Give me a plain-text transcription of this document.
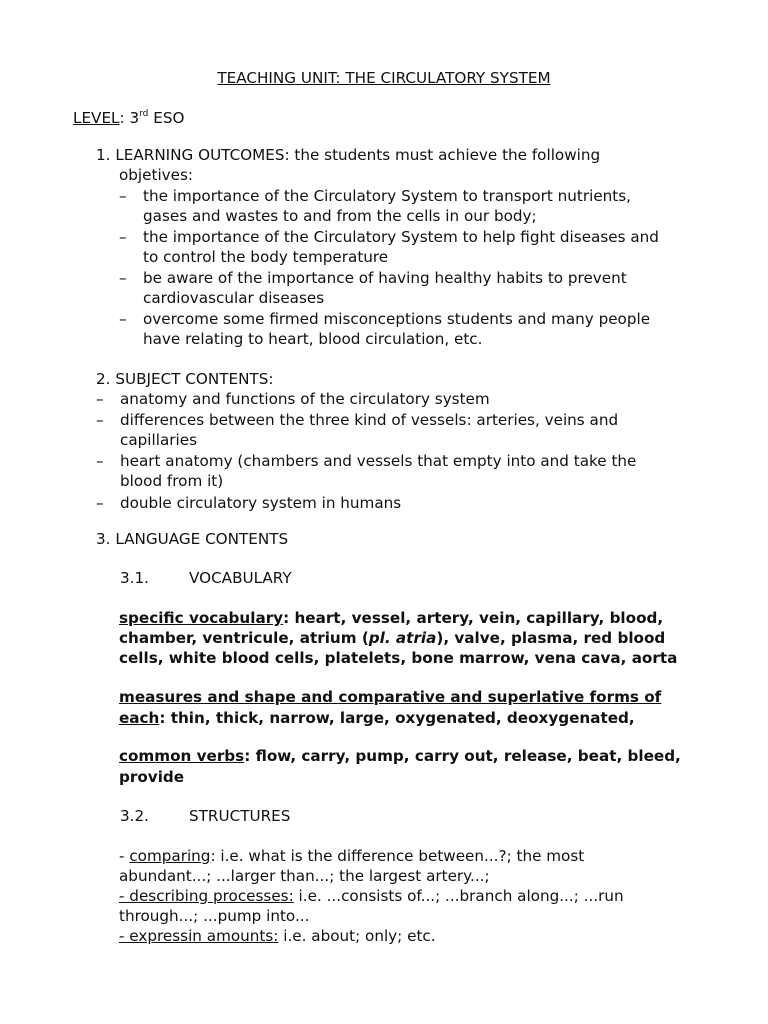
TEACHING UNIT: THE CIRCULATORY SYSTEM
LEVEL: 3rd ESO
1. LEARNING OUTCOMES: the students must achieve the following
objetives:
– the importance of the Circulatory System to transport nutrients,
gases and wastes to and from the cells in our body;
– the importance of the Circulatory System to help fight diseases and
to control the body temperature
– be aware of the importance of having healthy habits to prevent
cardiovascular diseases
– overcome some firmed misconceptions students and many people
have relating to heart, blood circulation, etc.
2. SUBJECT CONTENTS:
– anatomy and functions of the circulatory system
– differences between the three kind of vessels: arteries, veins and
capillaries
– heart anatomy (chambers and vessels that empty into and take the
blood from it)
– double circulatory system in humans
3. LANGUAGE CONTENTS
3.1.	VOCABULARY
specific vocabulary: heart, vessel, artery, vein, capillary, blood,
chamber, ventricule, atrium (pl. atria), valve, plasma, red blood
cells, white blood cells, platelets, bone marrow, vena cava, aorta
measures and shape and comparative and superlative forms of
each: thin, thick, narrow, large, oxygenated, deoxygenated,
common verbs: flow, carry, pump, carry out, release, beat, bleed,
provide
3.2.	STRUCTURES
- comparing: i.e. what is the difference between...?; the most
abundant...; ...larger than...; the largest artery...;
- describing processes: i.e. ...consists of...; ...branch along...; ...run
through...; ...pump into...
- expressin amounts: i.e. about; only; etc.
